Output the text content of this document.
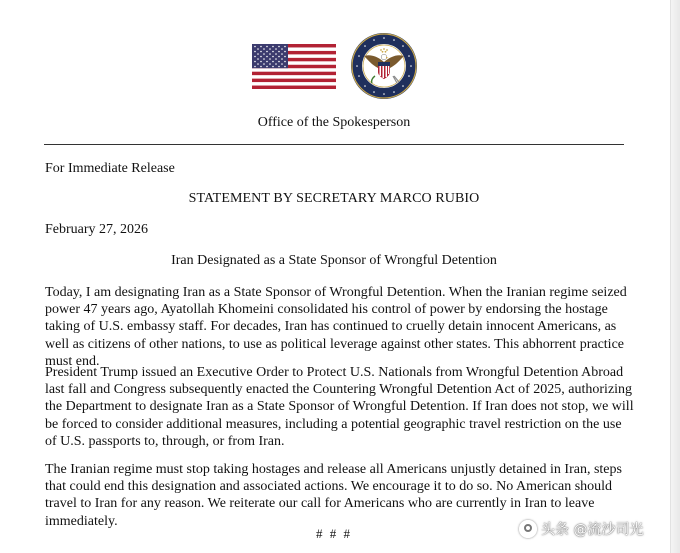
Office of the Spokesperson
For Immediate Release
STATEMENT BY SECRETARY MARCO RUBIO
February 27, 2026
Iran Designated as a State Sponsor of Wrongful Detention

Today, I am designating Iran as a State Sponsor of Wrongful Detention. When the Iranian regime seized power 47 years ago, Ayatollah Khomeini consolidated his control of power by endorsing the hostage taking of U.S. embassy staff. For decades, Iran has continued to cruelly detain innocent Americans, as well as citizens of other nations, to use as political leverage against other states. This abhorrent practice must end.

President Trump issued an Executive Order to Protect U.S. Nationals from Wrongful Detention Abroad last fall and Congress subsequently enacted the Countering Wrongful Detention Act of 2025, authorizing the Department to designate Iran as a State Sponsor of Wrongful Detention. If Iran does not stop, we will be forced to consider additional measures, including a potential geographic travel restriction on the use of U.S. passports to, through, or from Iran.

The Iranian regime must stop taking hostages and release all Americans unjustly detained in Iran, steps that could end this designation and associated actions. We encourage it to do so. No American should travel to Iran for any reason. We reiterate our call for Americans who are currently in Iran to leave immediately.

# # #	头条 @流沙司光
